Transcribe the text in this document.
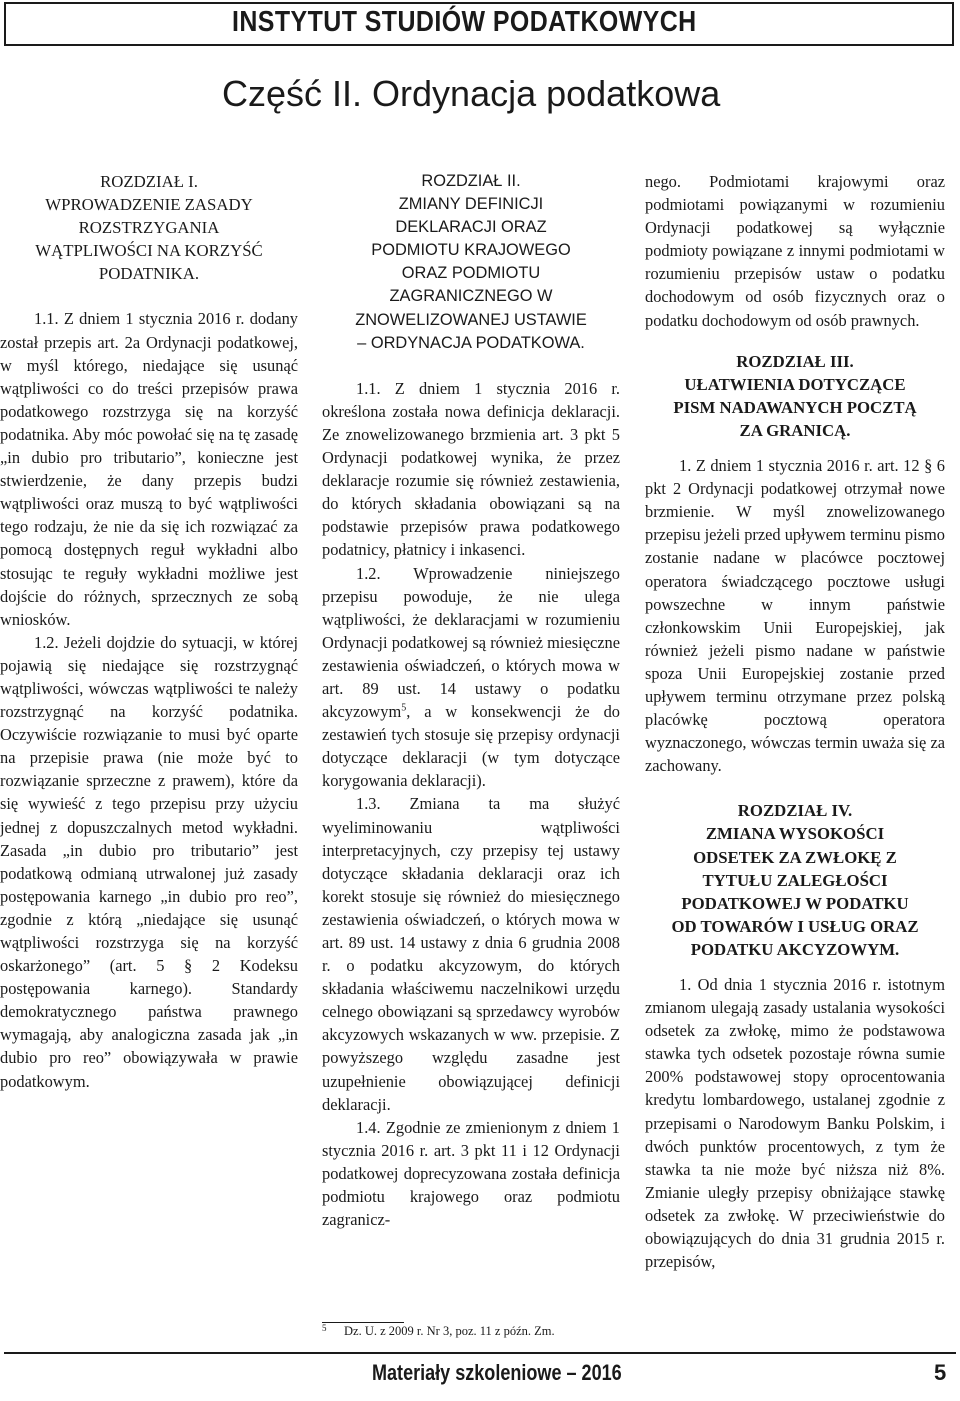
INSTYTUT STUDIÓW PODATKOWYCH
Część II. Ordynacja podatkowa
ROZDZIAŁ I.
WPROWADZENIE ZASADY
ROZSTRZYGANIA
WĄTPLIWOŚCI NA KORZYŚĆ
PODATNIKA.

1.1. Z dniem 1 stycznia 2016 r. dodany został przepis art. 2a Ordynacji podatkowej, w myśl którego, niedające się usunąć wątpliwości co do treści przepisów prawa podatkowego rozstrzyga się na korzyść podatnika. Aby móc powołać się na tę zasadę „in dubio pro tributario”, konieczne jest stwierdzenie, że dany przepis budzi wątpliwości oraz muszą to być wątpliwości tego rodzaju, że nie da się ich rozwiązać za pomocą dostępnych reguł wykładni albo stosując te reguły wykładni możliwe jest dojście do różnych, sprzecznych ze sobą wniosków.

1.2. Jeżeli dojdzie do sytuacji, w której pojawią się niedające się rozstrzygnąć wątpliwości, wówczas wątpliwości te należy rozstrzygnąć na korzyść podatnika. Oczywiście rozwiązanie to musi być oparte na przepisie prawa (nie może być to rozwiązanie sprzeczne z prawem), które da się wywieść z tego przepisu przy użyciu jednej z dopuszczalnych metod wykładni. Zasada „in dubio pro tributario” jest podatkową odmianą utrwalonej już zasady postępowania karnego „in dubio pro reo”, zgodnie z którą „niedające się usunąć wątpliwości rozstrzyga się na korzyść oskarżonego” (art. 5 § 2 Kodeksu postępowania karnego). Standardy demokratycznego państwa prawnego wymagają, aby analogiczna zasada jak „in dubio pro reo” obowiązywała w prawie podatkowym.

ROZDZIAŁ II.
ZMIANY DEFINICJI
DEKLARACJI ORAZ
PODMIOTU KRAJOWEGO
ORAZ PODMIOTU
ZAGRANICZNEGO W
ZNOWELIZOWANEJ USTAWIE
– ORDYNACJA PODATKOWA.

1.1. Z dniem 1 stycznia 2016 r. określona została nowa definicja deklaracji. Ze znowelizowanego brzmienia art. 3 pkt 5 Ordynacji podatkowej wynika, że przez deklaracje rozumie się również zestawienia, do których składania obowiązani są na podstawie przepisów prawa podatkowego podatnicy, płatnicy i inkasenci.

1.2. Wprowadzenie niniejszego przepisu powoduje, że nie ulega wątpliwości, że deklaracjami w rozumieniu Ordynacji podatkowej są również miesięczne zestawienia oświadczeń, o których mowa w art. 89 ust. 14 ustawy o podatku akcyzowym$^5$, a w konsekwencji że do zestawień tych stosuje się przepisy ordynacji dotyczące deklaracji (w tym dotyczące korygowania deklaracji).

1.3. Zmiana ta ma służyć wyeliminowaniu wątpliwości interpretacyjnych, czy przepisy tej ustawy dotyczące składania deklaracji oraz ich korekt stosuje się również do miesięcznego zestawienia oświadczeń, o których mowa w art. 89 ust. 14 ustawy z dnia 6 grudnia 2008 r. o podatku akcyzowym, do których składania właściwemu naczelnikowi urzędu celnego obowiązani są sprzedawcy wyrobów akcyzowych wskazanych w ww. przepisie. Z powyższego względu zasadne jest uzupełnienie obowiązującej definicji deklaracji.

1.4. Zgodnie ze zmienionym z dniem 1 stycznia 2016 r. art. 3 pkt 11 i 12 Ordynacji podatkowej doprecyzowana została definicja podmiotu krajowego oraz podmiotu zagranicz-

5 Dz. U. z 2009 r. Nr 3, poz. 11 z późn. Zm.

nego. Podmiotami krajowymi oraz podmiotami powiązanymi w rozumieniu Ordynacji podatkowej są wyłącznie podmioty powiązane z innymi podmiotami w rozumieniu przepisów ustaw o podatku dochodowym od osób fizycznych oraz o podatku dochodowym od osób prawnych.

ROZDZIAŁ III.
UŁATWIENIA DOTYCZĄCE
PISM NADAWANYCH POCZTĄ
ZA GRANICĄ.

1. Z dniem 1 stycznia 2016 r. art. 12 § 6 pkt 2 Ordynacji podatkowej otrzymał nowe brzmienie. W myśl znowelizowanego przepisu jeżeli przed upływem terminu pismo zostanie nadane w placówce pocztowej operatora świadczącego pocztowe usługi powszechne w innym państwie członkowskim Unii Europejskiej, jak również jeżeli pismo nadane w państwie spoza Unii Europejskiej zostanie przed upływem terminu otrzymane przez polską placówkę pocztową operatora wyznaczonego, wówczas termin uważa się za zachowany.

ROZDZIAŁ IV.
ZMIANA WYSOKOŚCI
ODSETEK ZA ZWŁOKĘ Z
TYTUŁU ZALEGŁOŚCI
PODATKOWEJ W PODATKU
OD TOWARÓW I USŁUG ORAZ
PODATKU AKCYZOWYM.

1. Od dnia 1 stycznia 2016 r. istotnym zmianom ulegają zasady ustalania wysokości odsetek za zwłokę, mimo że podstawowa stawka tych odsetek pozostaje równa sumie 200% podstawowej stopy oprocentowania kredytu lombardowego, ustalanej zgodnie z przepisami o Narodowym Banku Polskim, i dwóch punktów procentowych, z tym że stawka ta nie może być niższa niż 8%. Zmianie uległy przepisy obniżające stawkę odsetek za zwłokę. W przeciwieństwie do obowiązujących do dnia 31 grudnia 2015 r. przepisów,

Materiały szkoleniowe – 2016	5
